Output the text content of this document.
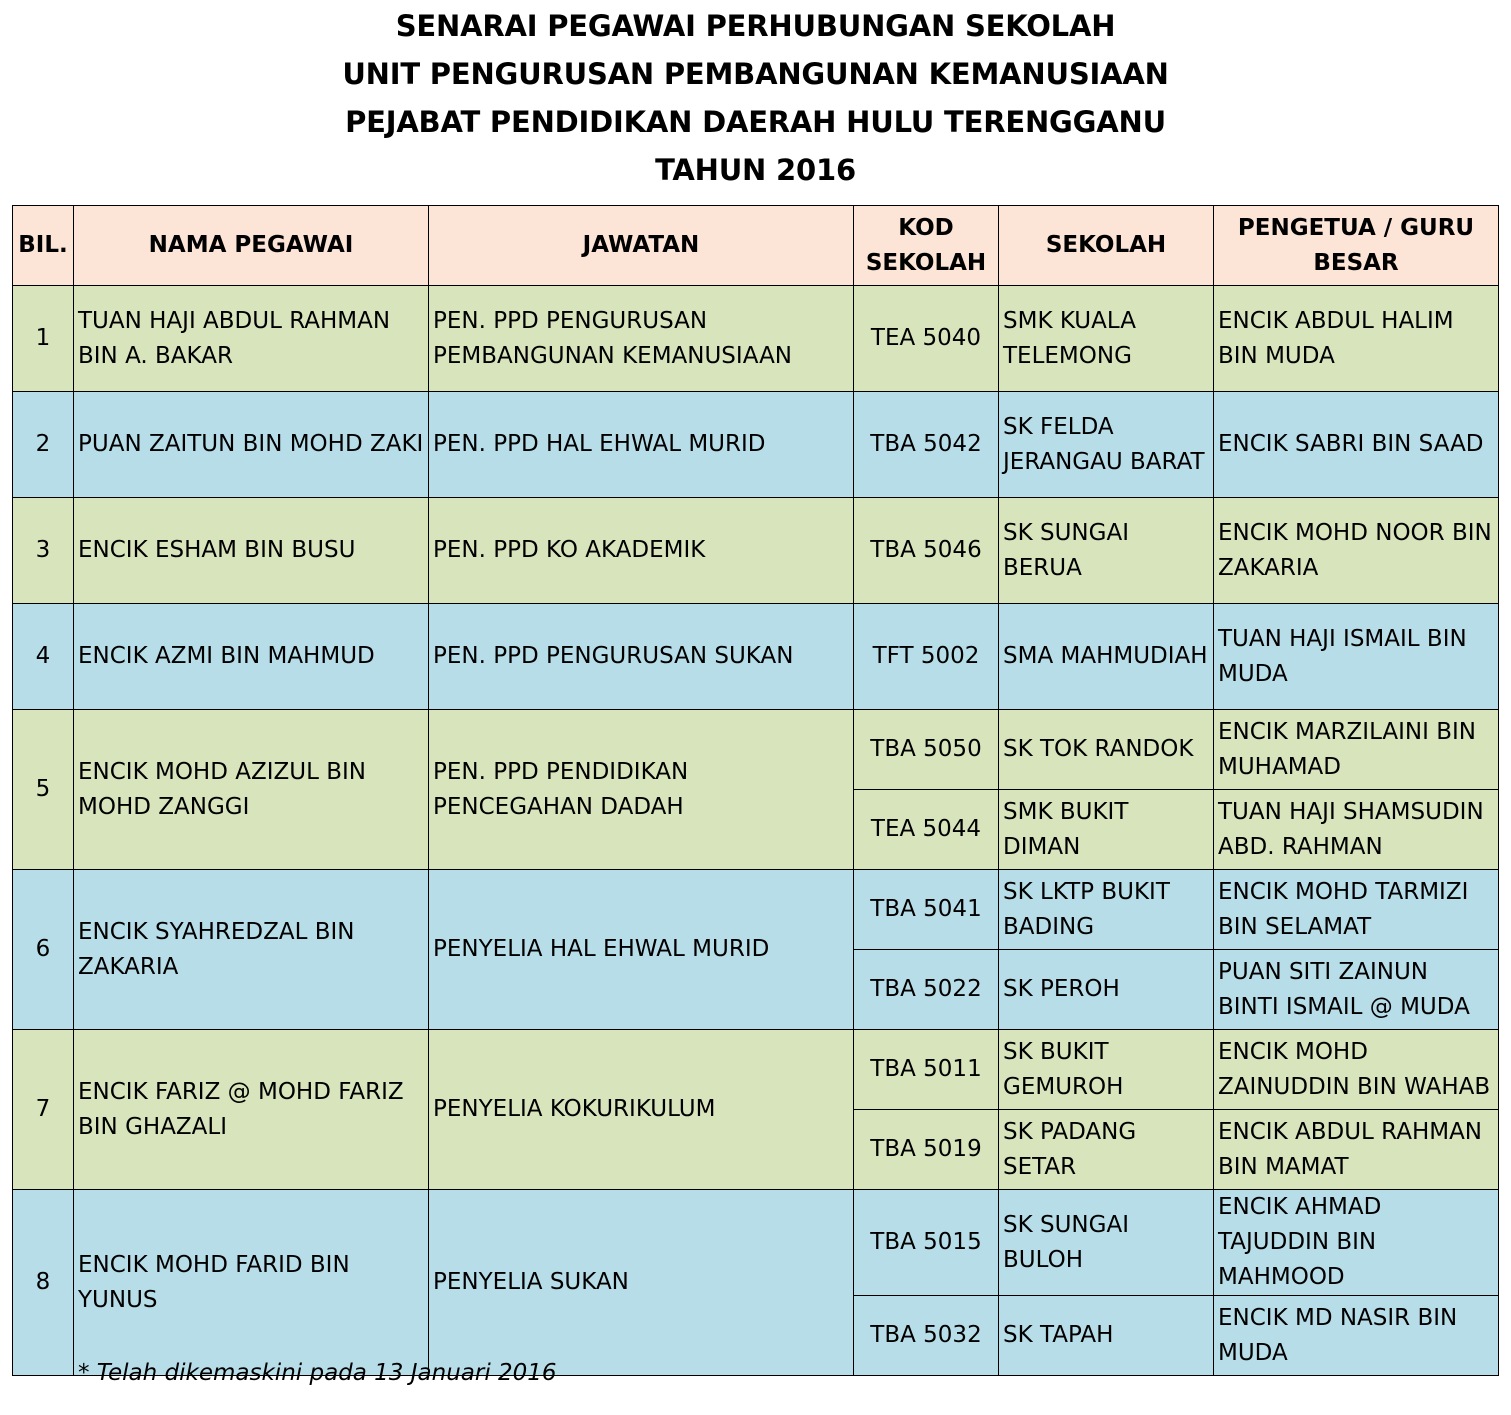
SENARAI PEGAWAI PERHUBUNGAN SEKOLAH
UNIT PENGURUSAN PEMBANGUNAN KEMANUSIAAN
PEJABAT PENDIDIKAN DAERAH HULU TERENGGANU
TAHUN 2016
BIL.	NAMA PEGAWAI	JAWATAN	KOD SEKOLAH	SEKOLAH	PENGETUA / GURU BESAR
1	TUAN HAJI ABDUL RAHMAN BIN A. BAKAR	PEN. PPD PENGURUSAN PEMBANGUNAN KEMANUSIAAN	TEA 5040	SMK KUALA TELEMONG	ENCIK ABDUL HALIM BIN MUDA
2	PUAN ZAITUN BIN MOHD ZAKI	PEN. PPD HAL EHWAL MURID	TBA 5042	SK FELDA JERANGAU BARAT	ENCIK SABRI BIN SAAD
3	ENCIK ESHAM BIN BUSU	PEN. PPD KO AKADEMIK	TBA 5046	SK SUNGAI BERUA	ENCIK MOHD NOOR BIN ZAKARIA
4	ENCIK AZMI BIN MAHMUD	PEN. PPD PENGURUSAN SUKAN	TFT 5002	SMA MAHMUDIAH	TUAN HAJI ISMAIL BIN MUDA
5	ENCIK MOHD AZIZUL BIN MOHD ZANGGI	PEN. PPD PENDIDIKAN PENCEGAHAN DADAH	TBA 5050	SK TOK RANDOK	ENCIK MARZILAINI BIN MUHAMAD
			TEA 5044	SMK BUKIT DIMAN	TUAN HAJI SHAMSUDIN ABD. RAHMAN
6	ENCIK SYAHREDZAL BIN ZAKARIA	PENYELIA HAL EHWAL MURID	TBA 5041	SK LKTP BUKIT BADING	ENCIK MOHD TARMIZI BIN SELAMAT
			TBA 5022	SK PEROH	PUAN SITI ZAINUN BINTI ISMAIL @ MUDA
7	ENCIK FARIZ @ MOHD FARIZ BIN GHAZALI	PENYELIA KOKURIKULUM	TBA 5011	SK BUKIT GEMUROH	ENCIK MOHD ZAINUDDIN BIN WAHAB
			TBA 5019	SK PADANG SETAR	ENCIK ABDUL RAHMAN BIN MAMAT
8	ENCIK MOHD FARID BIN YUNUS	PENYELIA SUKAN	TBA 5015	SK SUNGAI BULOH	ENCIK AHMAD TAJUDDIN BIN MAHMOOD
			TBA 5032	SK TAPAH	ENCIK MD NASIR BIN MUDA
* Telah dikemaskini pada 13 Januari 2016
